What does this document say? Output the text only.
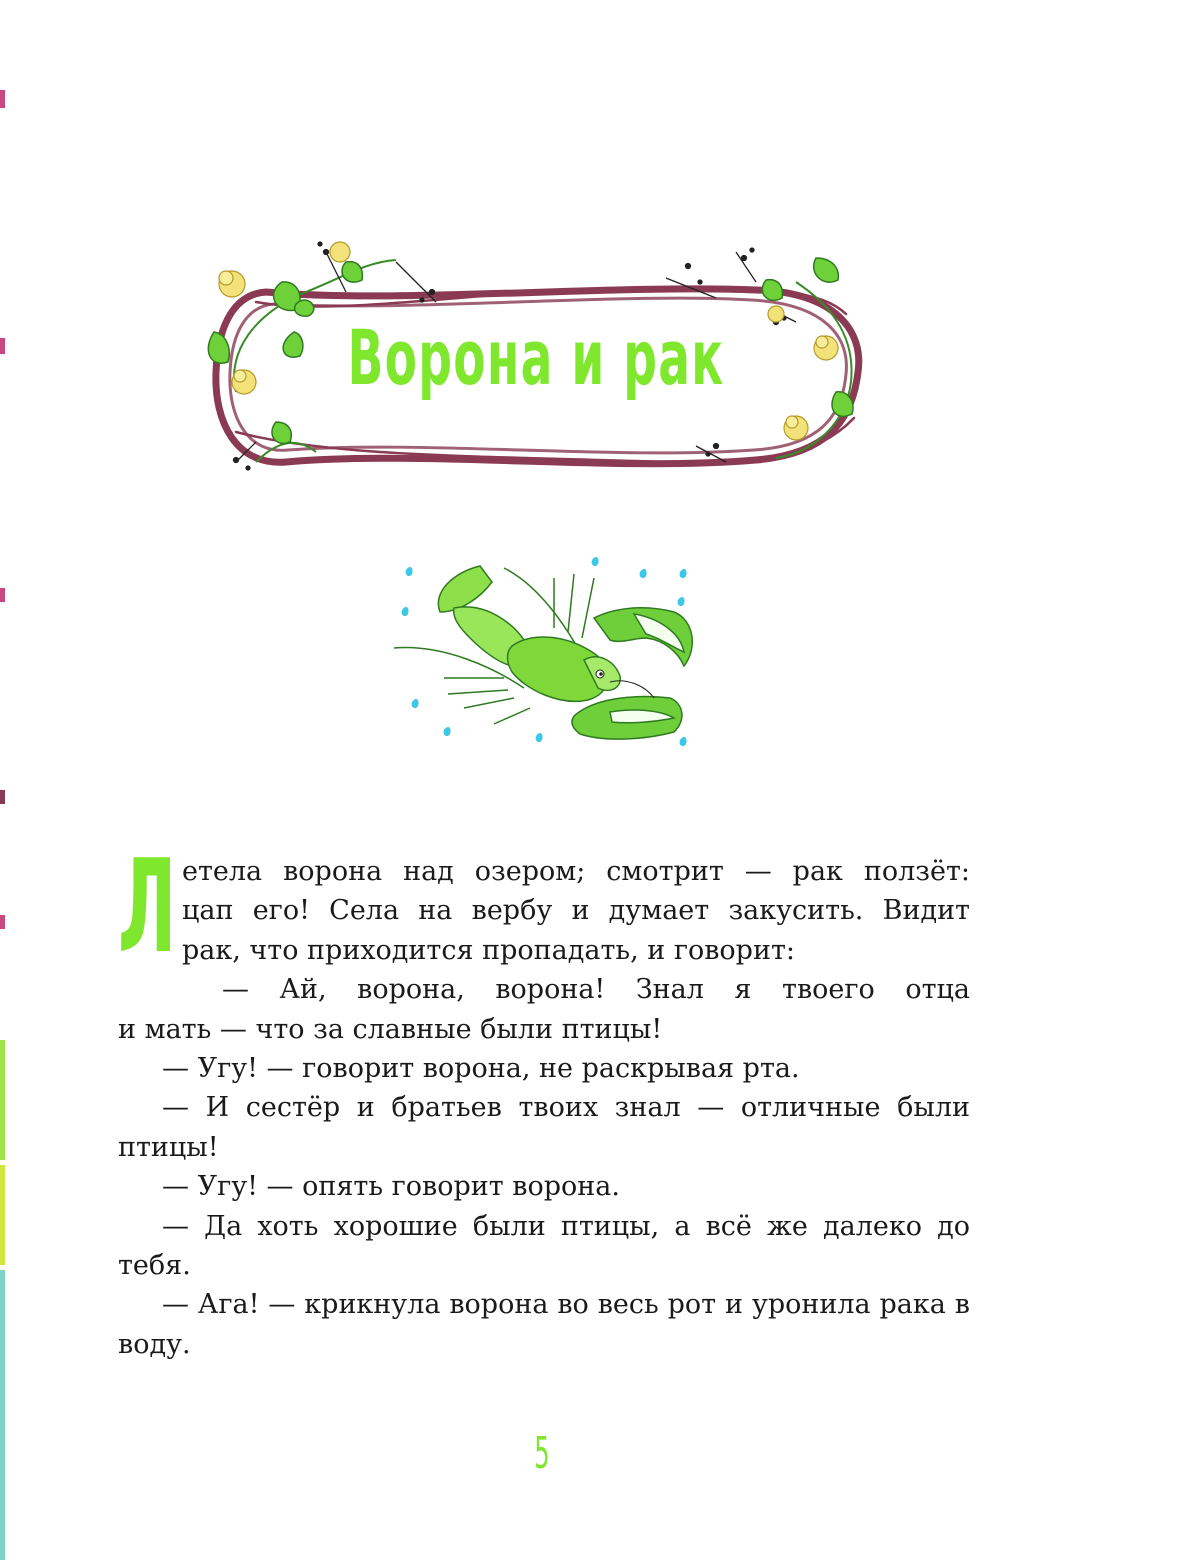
Ворона и рак
Л етела ворона над озером; смотрит — рак ползёт:
цап его! Села на вербу и думает закусить. Видит
рак, что приходится пропадать, и говорит:
— Ай, ворона, ворона! Знал я твоего отца

и мать — что за славные были птицы!

— Угу! — говорит ворона, не раскрывая рта.

— И сестёр и братьев твоих знал — отличные были птицы!

— Угу! — опять говорит ворона.

— Да хоть хорошие были птицы, а всё же далеко до тебя.

— Ага! — крикнула ворона во весь рот и уронила рака в воду.

5
